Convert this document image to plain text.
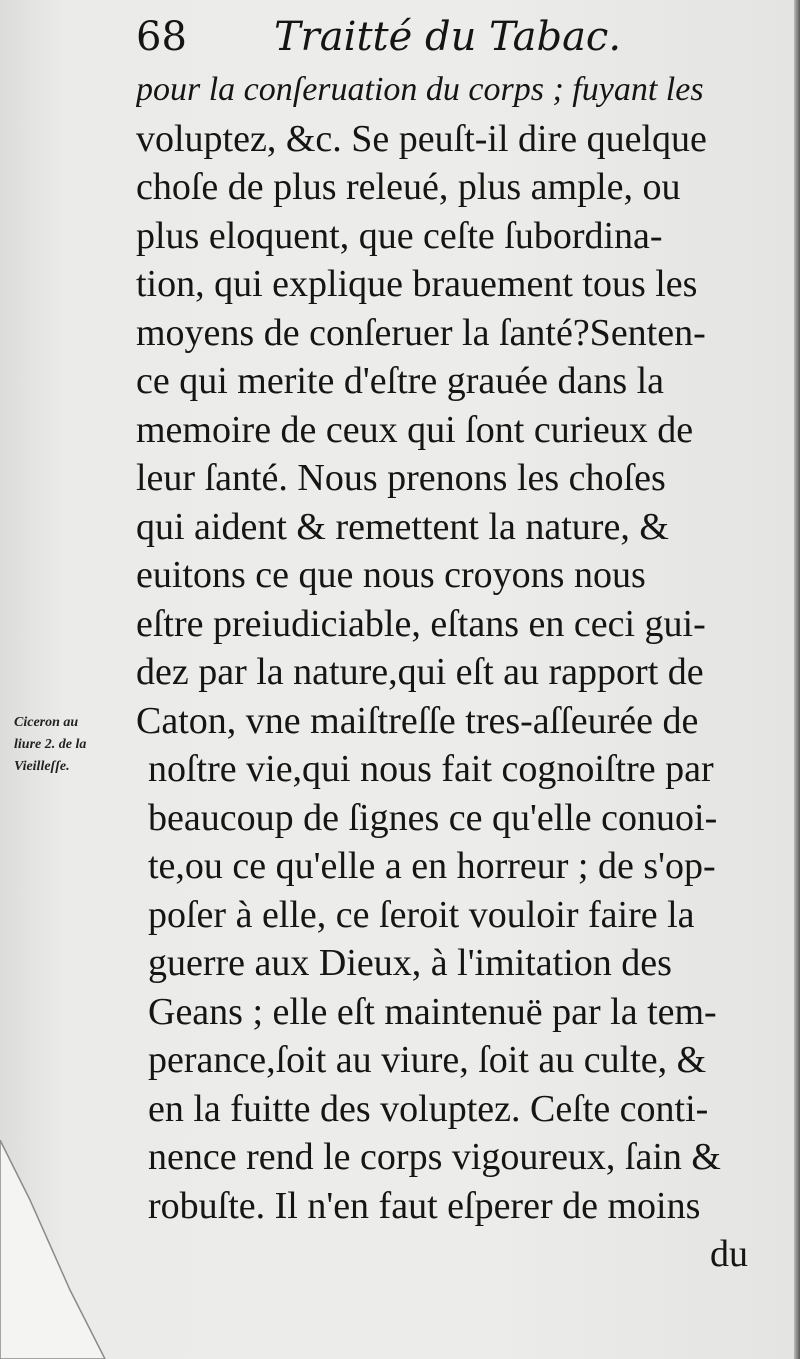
68 Traitté du Tabac.
Ciceron au
liure 2. de la
Vieilleſſe.
pour la conſeruation du corps ; fuyant les
voluptez, &c. Se peuſt-il dire quelque
choſe de plus releué, plus ample, ou
plus eloquent, que ceſte ſubordina-
tion, qui explique brauement tous les
moyens de conſeruer la ſanté?Senten-
ce qui merite d'eſtre grauée dans la
memoire de ceux qui ſont curieux de
leur ſanté. Nous prenons les choſes
qui aident & remettent la nature, &
euitons ce que nous croyons nous
eſtre preiudiciable, eſtans en ceci gui-
dez par la nature,qui eſt au rapport de
Caton, vne maiſtreſſe tres-aſſeurée de
noſtre vie,qui nous fait cognoiſtre par
beaucoup de ſignes ce qu'elle conuoi-
te,ou ce qu'elle a en horreur ; de s'op-
poſer à elle, ce ſeroit vouloir faire la
guerre aux Dieux, à l'imitation des
Geans ; elle eſt maintenuë par la tem-
perance,ſoit au viure, ſoit au culte, &
en la fuitte des voluptez. Ceſte conti-
nence rend le corps vigoureux, ſain &
robuſte. Il n'en faut eſperer de moins
du
